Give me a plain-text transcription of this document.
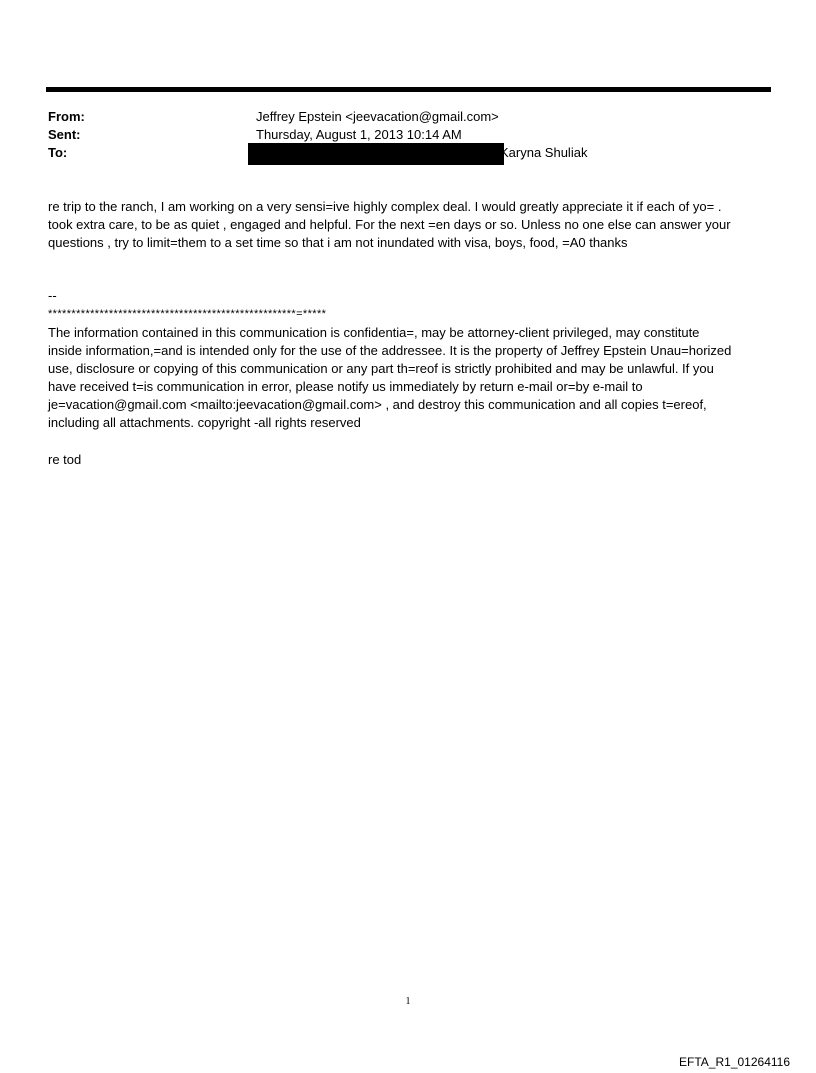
From:	Jeffrey Epstein <jeevacation@gmail.com>
Sent:	Thursday, August 1, 2013 10:14 AM
To:	Karyna Shuliak
re trip to the ranch, I am working on a very sensi=ive highly complex deal. I would greatly appreciate it if each of yo= .
took extra care, to be as quiet , engaged and helpful. For the next =en days or so. Unless no one else can answer your
questions , try to limit=them to a set time so that i am not inundated with visa, boys, food, =A0 thanks
--
*****************************************************=*****
The information contained in this communication is confidentia=, may be attorney-client privileged, may constitute
inside information,=and is intended only for the use of the addressee. It is the property of Jeffrey Epstein Unau=horized
use, disclosure or copying of this communication or any part th=reof is strictly prohibited and may be unlawful. If you
have received t=is communication in error, please notify us immediately by return e-mail or=by e-mail to
je=vacation@gmail.com <mailto:jeevacation@gmail.com> , and destroy this communication and all copies t=ereof,
including all attachments. copyright -all rights reserved
re tod
1
EFTA_R1_01264116
